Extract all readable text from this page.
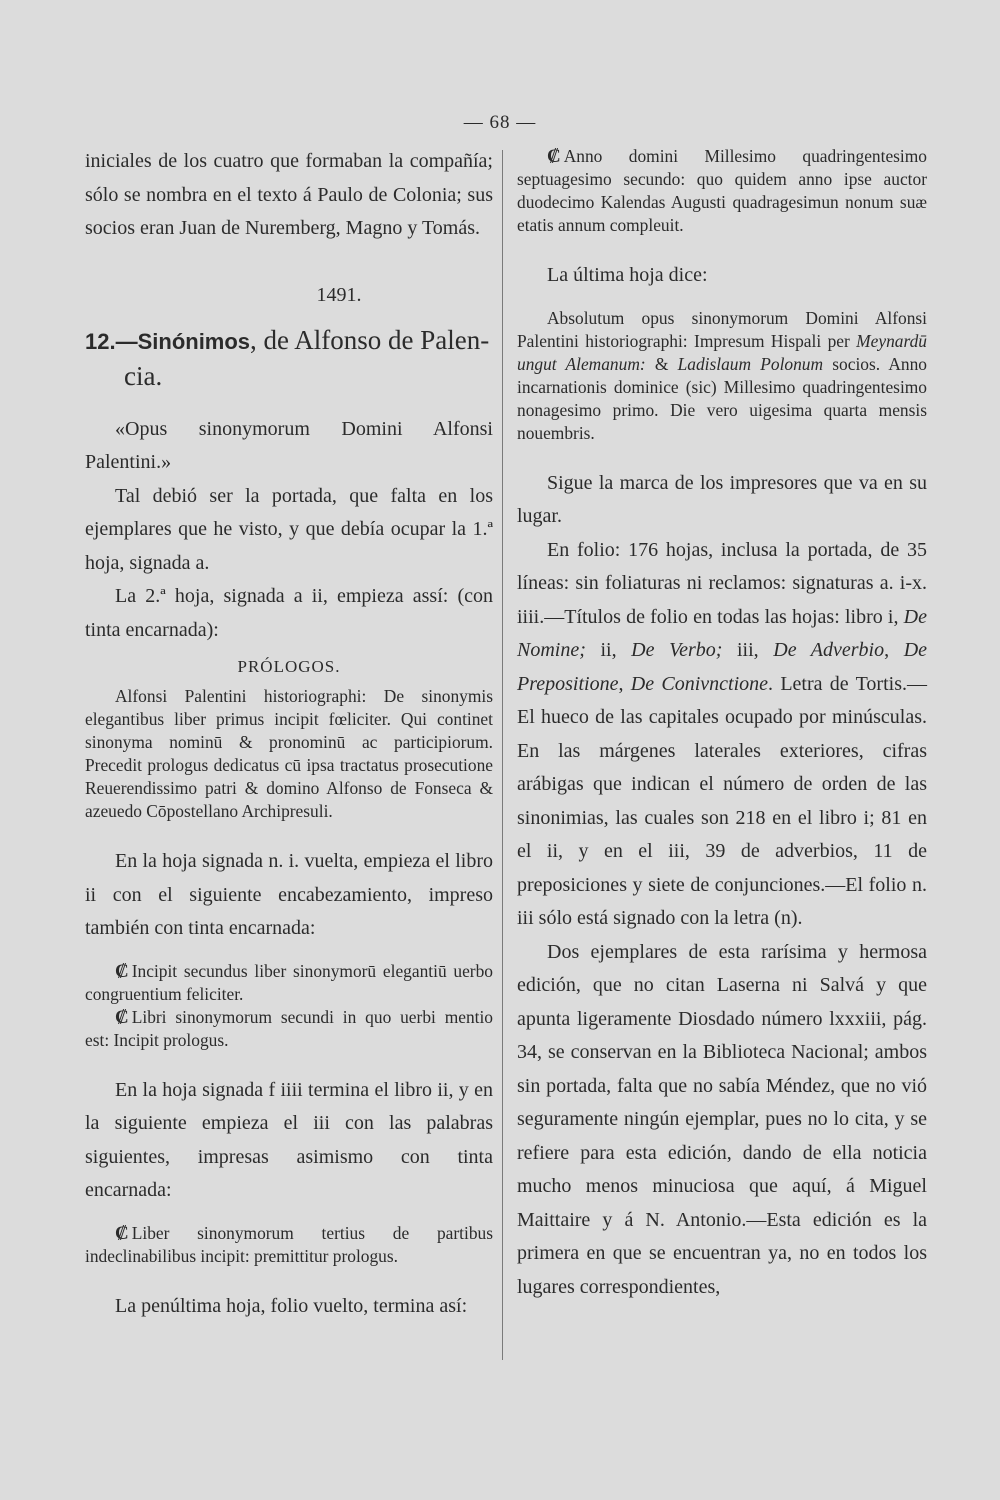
— 68 —

iniciales de los cuatro que formaban la compañía; sólo se nombra en el texto á Paulo de Colonia; sus socios eran Juan de Nuremberg, Magno y Tomás.

1491.
12.—Sinónimos, de Alfonso de Palen-
cia.

«Opus sinonymorum Domini Alfonsi Palentini.»

Tal debió ser la portada, que falta en los ejemplares que he visto, y que debía ocupar la 1.ª hoja, signada a.

La 2.ª hoja, signada a ii, empieza assí: (con tinta encarnada):

PRÓLOGOS.

Alfonsi Palentini historiographi: De sinonymis elegantibus liber primus incipit fœliciter. Qui continet sinonyma nominū & pronominū ac participiorum. Precedit prologus dedicatus cū ipsa tractatus prosecutione Reuerendissimo patri & domino Alfonso de Fonseca & azeuedo Cōpostellano Archipresuli.

En la hoja signada n. i. vuelta, empieza el libro ii con el siguiente encabezamiento, impreso también con tinta encarnada:

₡ Incipit secundus liber sinonymorū elegantiū uerbo congruentium feliciter.

₡ Libri sinonymorum secundi in quo uerbi mentio est: Incipit prologus.

En la hoja signada f iiii termina el libro ii, y en la siguiente empieza el iii con las palabras siguientes, impresas asimismo con tinta encarnada:

₡ Liber sinonymorum tertius de partibus indeclinabilibus incipit: premittitur prologus.

La penúltima hoja, folio vuelto, termina así:

₡ Anno domini Millesimo quadringentesimo septuagesimo secundo: quo quidem anno ipse auctor duodecimo Kalendas Augusti quadragesimun nonum suæ etatis annum compleuit.

La última hoja dice:

Absolutum opus sinonymorum Domini Alfonsi Palentini historiographi: Impresum Hispali per Meynardū ungut Alemanum: & Ladislaum Polonum socios. Anno incarnationis dominice (sic) Millesimo quadringentesimo nonagesimo primo. Die vero uigesima quarta mensis nouembris.

Sigue la marca de los impresores que va en su lugar.

En folio: 176 hojas, inclusa la portada, de 35 líneas: sin foliaturas ni reclamos: signaturas a. i-x. iiii.—Títulos de folio en todas las hojas: libro i, De Nomine; ii, De Verbo; iii, De Adverbio, De Prepositione, De Conivnctione. Letra de Tortis.—El hueco de las capitales ocupado por minúsculas. En las márgenes laterales exteriores, cifras arábigas que indican el número de orden de las sinonimias, las cuales son 218 en el libro i; 81 en el ii, y en el iii, 39 de adverbios, 11 de preposiciones y siete de conjunciones.—El folio n. iii sólo está signado con la letra (n).

Dos ejemplares de esta rarísima y hermosa edición, que no citan Laserna ni Salvá y que apunta ligeramente Diosdado número lxxxiii, pág. 34, se conservan en la Biblioteca Nacional; ambos sin portada, falta que no sabía Méndez, que no vió seguramente ningún ejemplar, pues no lo cita, y se refiere para esta edición, dando de ella noticia mucho menos minuciosa que aquí, á Miguel Maittaire y á N. Antonio.—Esta edición es la primera en que se encuentran ya, no en todos los lugares correspondientes,
